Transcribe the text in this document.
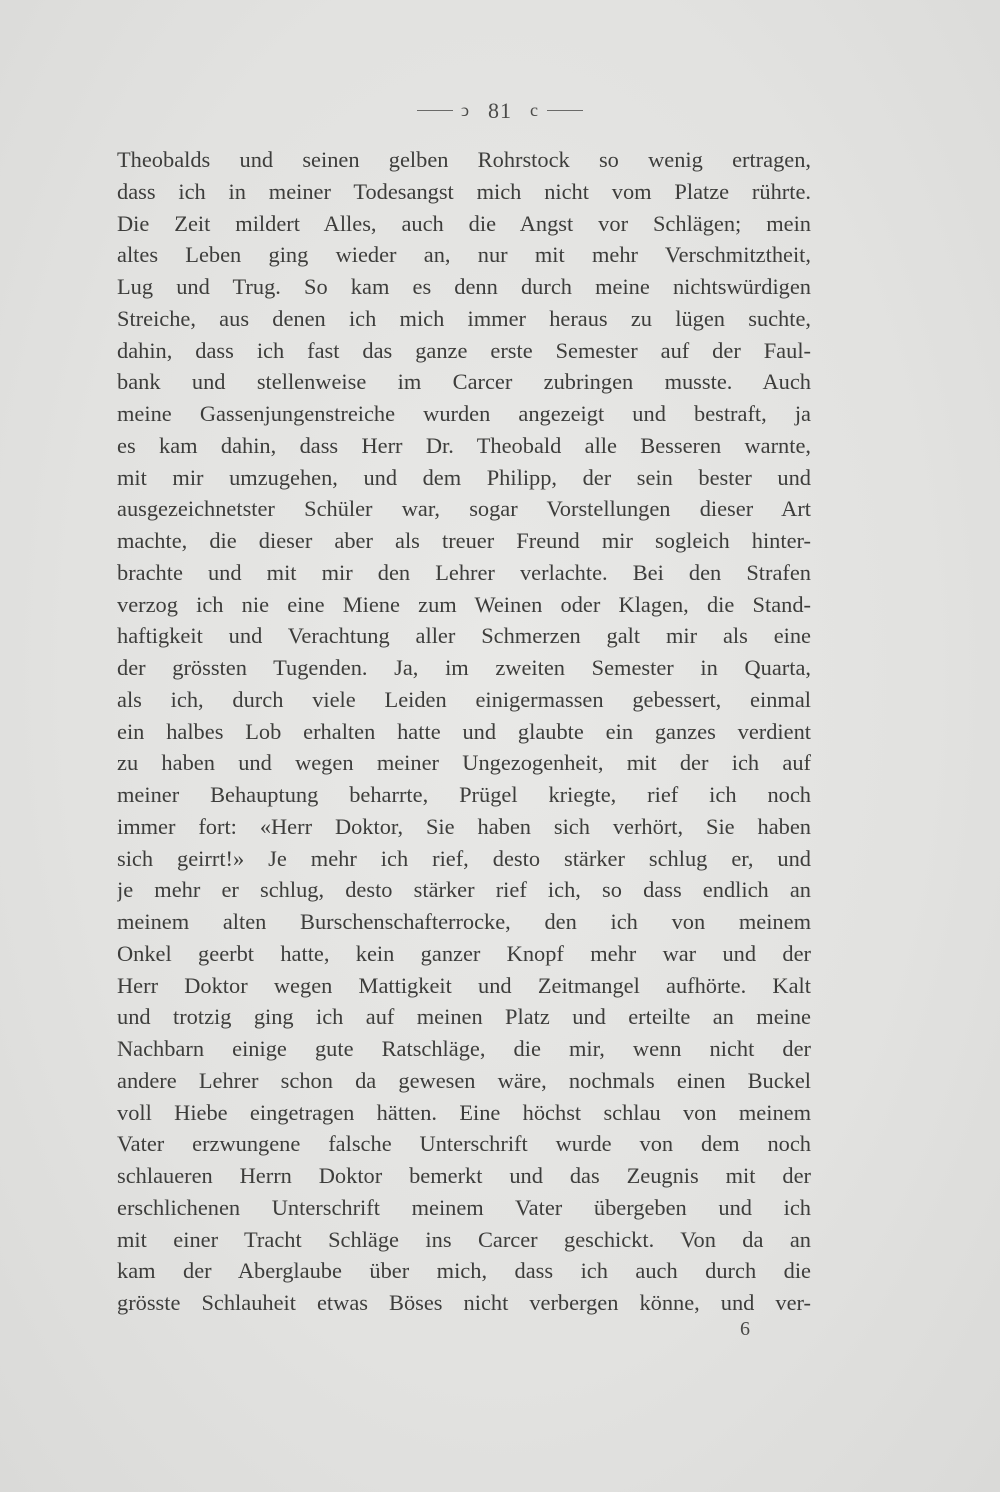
ↄ 81 c
Theobalds und seinen gelben Rohrstock so wenig ertragen,
dass ich in meiner Todesangst mich nicht vom Platze rührte.
Die Zeit mildert Alles, auch die Angst vor Schlägen; mein
altes Leben ging wieder an, nur mit mehr Verschmitztheit,
Lug und Trug. So kam es denn durch meine nichtswürdigen
Streiche, aus denen ich mich immer heraus zu lügen suchte,
dahin, dass ich fast das ganze erste Semester auf der Faul-
bank und stellenweise im Carcer zubringen musste. Auch
meine Gassenjungenstreiche wurden angezeigt und bestraft, ja
es kam dahin, dass Herr Dr. Theobald alle Besseren warnte,
mit mir umzugehen, und dem Philipp, der sein bester und
ausgezeichnetster Schüler war, sogar Vorstellungen dieser Art
machte, die dieser aber als treuer Freund mir sogleich hinter-
brachte und mit mir den Lehrer verlachte. Bei den Strafen
verzog ich nie eine Miene zum Weinen oder Klagen, die Stand-
haftigkeit und Verachtung aller Schmerzen galt mir als eine
der grössten Tugenden. Ja, im zweiten Semester in Quarta,
als ich, durch viele Leiden einigermassen gebessert, einmal
ein halbes Lob erhalten hatte und glaubte ein ganzes verdient
zu haben und wegen meiner Ungezogenheit, mit der ich auf
meiner Behauptung beharrte, Prügel kriegte, rief ich noch
immer fort: «Herr Doktor, Sie haben sich verhört, Sie haben
sich geirrt!» Je mehr ich rief, desto stärker schlug er, und
je mehr er schlug, desto stärker rief ich, so dass endlich an
meinem alten Burschenschafterrocke, den ich von meinem
Onkel geerbt hatte, kein ganzer Knopf mehr war und der
Herr Doktor wegen Mattigkeit und Zeitmangel aufhörte. Kalt
und trotzig ging ich auf meinen Platz und erteilte an meine
Nachbarn einige gute Ratschläge, die mir, wenn nicht der
andere Lehrer schon da gewesen wäre, nochmals einen Buckel
voll Hiebe eingetragen hätten. Eine höchst schlau von meinem
Vater erzwungene falsche Unterschrift wurde von dem noch
schlaueren Herrn Doktor bemerkt und das Zeugnis mit der
erschlichenen Unterschrift meinem Vater übergeben und ich
mit einer Tracht Schläge ins Carcer geschickt. Von da an
kam der Aberglaube über mich, dass ich auch durch die
grösste Schlauheit etwas Böses nicht verbergen könne, und ver-
6
